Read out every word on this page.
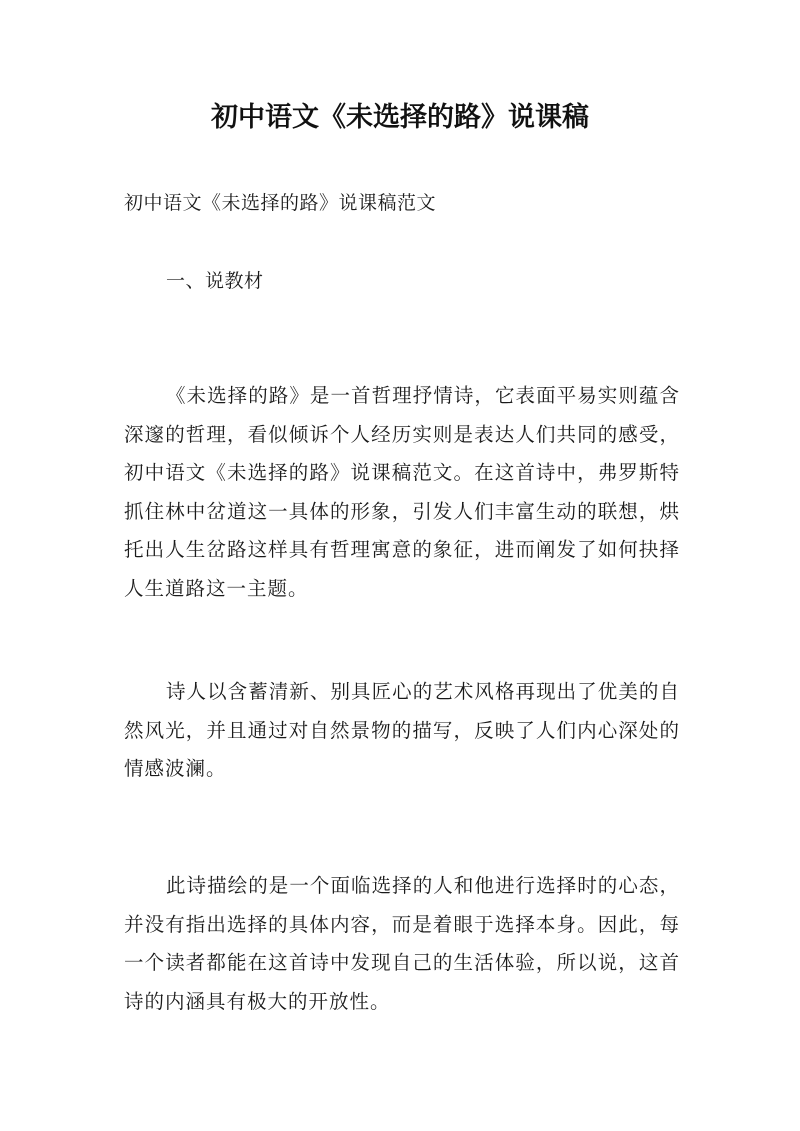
初中语文《未选择的路》说课稿

初中语文《未选择的路》说课稿范文

一、说教材

《未选择的路》是一首哲理抒情诗，它表面平易实则蕴含深邃的哲理，看似倾诉个人经历实则是表达人们共同的感受，初中语文《未选择的路》说课稿范文。在这首诗中，弗罗斯特抓住林中岔道这一具体的形象，引发人们丰富生动的联想，烘托出人生岔路这样具有哲理寓意的象征，进而阐发了如何抉择人生道路这一主题。

诗人以含蓄清新、别具匠心的艺术风格再现出了优美的自然风光，并且通过对自然景物的描写，反映了人们内心深处的情感波澜。

此诗描绘的是一个面临选择的人和他进行选择时的心态，并没有指出选择的具体内容，而是着眼于选择本身。因此，每一个读者都能在这首诗中发现自己的生活体验，所以说，这首诗的内涵具有极大的开放性。
